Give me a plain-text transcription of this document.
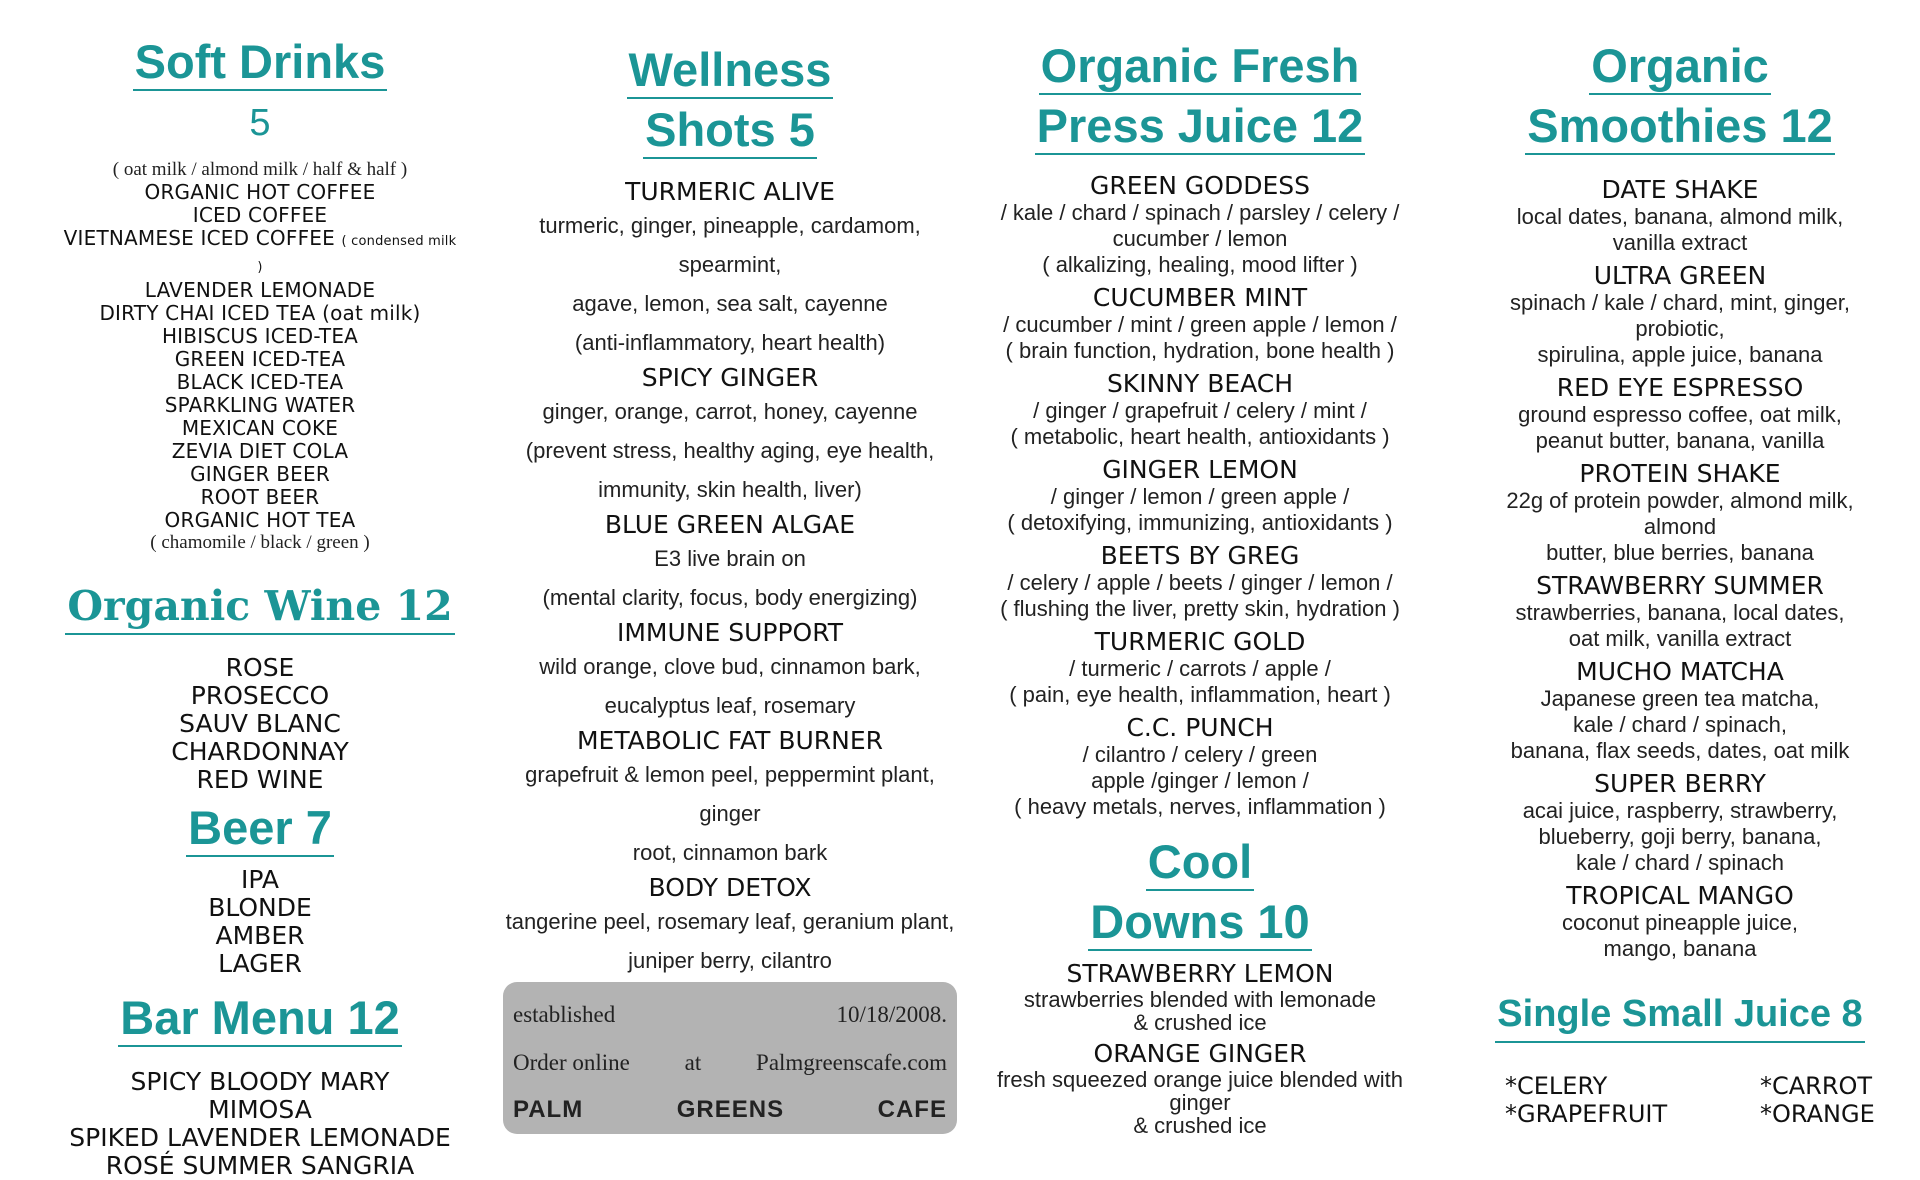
Soft Drinks
5
( oat milk / almond milk / half & half )
ORGANIC HOT COFFEE
ICED COFFEE
VIETNAMESE ICED COFFEE ( condensed milk )
LAVENDER LEMONADE
DIRTY CHAI ICED TEA (oat milk)
HIBISCUS ICED-TEA
GREEN ICED-TEA
BLACK ICED-TEA
SPARKLING WATER
MEXICAN COKE
ZEVIA DIET COLA
GINGER BEER
ROOT BEER
ORGANIC HOT TEA
( chamomile / black / green )
Organic Wine 12
ROSE
PROSECCO
SAUV BLANC
CHARDONNAY
RED WINE
Beer 7
IPA
BLONDE
AMBER
LAGER
Bar Menu 12
SPICY BLOODY MARY
MIMOSA
SPIKED LAVENDER LEMONADE
ROSÉ SUMMER SANGRIA
Wellness
Shots 5
TURMERIC ALIVE
turmeric, ginger, pineapple, cardamom, spearmint,
agave, lemon, sea salt, cayenne
(anti-inflammatory, heart health)
SPICY GINGER
ginger, orange, carrot, honey, cayenne
(prevent stress, healthy aging, eye health,
immunity, skin health, liver)
BLUE GREEN ALGAE
E3 live brain on
(mental clarity, focus, body energizing)
IMMUNE SUPPORT
wild orange, clove bud, cinnamon bark,
eucalyptus leaf, rosemary
METABOLIC FAT BURNER
grapefruit & lemon peel, peppermint plant, ginger
root, cinnamon bark
BODY DETOX
tangerine peel, rosemary leaf, geranium plant,
juniper berry, cilantro
established	10/18/2008.
Order online at Palmgreenscafe.com
PALM	GREENS	CAFE
Organic Fresh
Press Juice 12
GREEN GODDESS
/ kale / chard / spinach / parsley / celery /
cucumber / lemon
( alkalizing, healing, mood lifter )
CUCUMBER MINT
/ cucumber / mint / green apple / lemon /
( brain function, hydration, bone health )
SKINNY BEACH
/ ginger / grapefruit / celery / mint /
( metabolic, heart health, antioxidants )
GINGER LEMON
/ ginger / lemon / green apple /
( detoxifying, immunizing, antioxidants )
BEETS BY GREG
/ celery / apple / beets / ginger / lemon /
( flushing the liver, pretty skin, hydration )
TURMERIC GOLD
/ turmeric / carrots / apple /
( pain, eye health, inflammation, heart )
C.C. PUNCH
/ cilantro / celery / green
apple /ginger / lemon /
( heavy metals, nerves, inflammation )
Cool
Downs 10
STRAWBERRY LEMON
strawberries blended with lemonade
& crushed ice
ORANGE GINGER
fresh squeezed orange juice blended with ginger
& crushed ice
Organic
Smoothies 12
DATE SHAKE
local dates, banana, almond milk,
vanilla extract
ULTRA GREEN
spinach / kale / chard, mint, ginger, probiotic,
spirulina, apple juice, banana
RED EYE ESPRESSO
ground espresso coffee, oat milk,
peanut butter, banana, vanilla
PROTEIN SHAKE
22g of protein powder, almond milk, almond
butter, blue berries, banana
STRAWBERRY SUMMER
strawberries, banana, local dates,
oat milk, vanilla extract
MUCHO MATCHA
Japanese green tea matcha,
kale / chard / spinach,
banana, flax seeds, dates, oat milk
SUPER BERRY
acai juice, raspberry, strawberry,
blueberry, goji berry, banana,
kale / chard / spinach
TROPICAL MANGO
coconut pineapple juice,
mango, banana
Single Small Juice 8
*CELERY
*GRAPEFRUIT
*CARROT
*ORANGE
